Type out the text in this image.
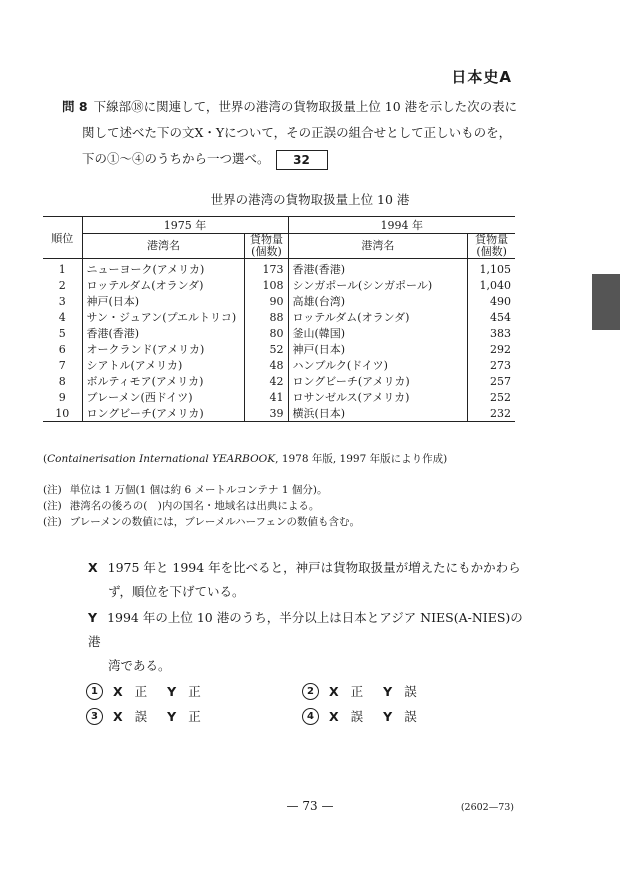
日本史A
問 8 下線部⑱に関連して，世界の港湾の貨物取扱量上位 10 港を示した次の表に
関して述べた下の文X・Yについて，その正誤の組合せとして正しいものを，
下の①～④のうちから一つ選べ。 32
世界の港湾の貨物取扱量上位 10 港
順位	1975 年		1994 年	
	港湾名	貨物量
(個数)	港湾名	貨物量
(個数)
1	ニューヨーク(アメリカ)	173	香港(香港)	1,105
2	ロッテルダム(オランダ)	108	シンガポール(シンガポール)	1,040
3	神戸(日本)	90	高雄(台湾)	490
4	サン・ジュアン(プエルトリコ)	88	ロッテルダム(オランダ)	454
5	香港(香港)	80	釜山(韓国)	383
6	オークランド(アメリカ)	52	神戸(日本)	292
7	シアトル(アメリカ)	48	ハンブルク(ドイツ)	273
8	ボルティモア(アメリカ)	42	ロングビーチ(アメリカ)	257
9	ブレーメン(西ドイツ)	41	ロサンゼルス(アメリカ)	252
10	ロングビーチ(アメリカ)	39	横浜(日本)	232
(Containerisation International YEARBOOK, 1978 年版, 1997 年版により作成)
(注) 単位は 1 万個(1 個は約 6 メートルコンテナ 1 個分)。
(注) 港湾名の後ろの(　)内の国名・地域名は出典による。
(注) ブレーメンの数値には，ブレーメルハーフェンの数値も含む。
X 1975 年と 1994 年を比べると，神戸は貨物取扱量が増えたにもかかわら
ず，順位を下げている。
Y 1994 年の上位 10 港のうち，半分以上は日本とアジア NIES(A-NIES)の港
湾である。
1	X 正 Y 正	2	X 正 Y 誤
3	X 誤 Y 正	4	X 誤 Y 誤
— 73 —	(2602—73)
